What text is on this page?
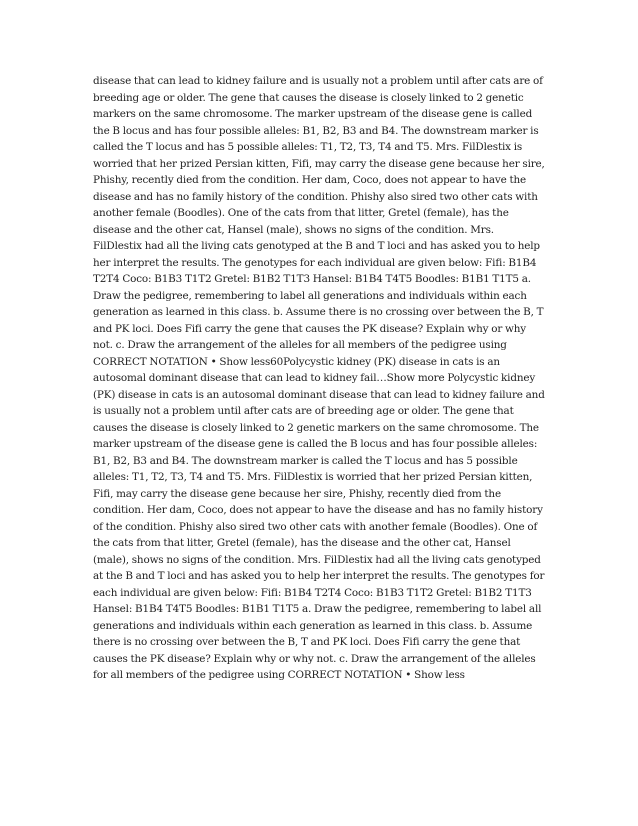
disease that can lead to kidney failure and is usually not a problem until after cats are of breeding age or older. The gene that causes the disease is closely linked to 2 genetic markers on the same chromosome. The marker upstream of the disease gene is called the B locus and has four possible alleles: B1, B2, B3 and B4. The downstream marker is called the T locus and has 5 possible alleles: T1, T2, T3, T4 and T5. Mrs. FilDlestix is worried that her prized Persian kitten, Fifi, may carry the disease gene because her sire, Phishy, recently died from the condition. Her dam, Coco, does not appear to have the disease and has no family history of the condition. Phishy also sired two other cats with another female (Boodles). One of the cats from that litter, Gretel (female), has the disease and the other cat, Hansel (male), shows no signs of the condition. Mrs. FilDlestix had all the living cats genotyped at the B and T loci and has asked you to help her interpret the results. The genotypes for each individual are given below: Fifi: B1B4 T2T4 Coco: B1B3 T1T2 Gretel: B1B2 T1T3 Hansel: B1B4 T4T5 Boodles: B1B1 T1T5 a. Draw the pedigree, remembering to label all generations and individuals within each generation as learned in this class. b. Assume there is no crossing over between the B, T and PK loci. Does Fifi carry the gene that causes the PK disease? Explain why or why not. c. Draw the arrangement of the alleles for all members of the pedigree using CORRECT NOTATION • Show less60Polycystic kidney (PK) disease in cats is an autosomal dominant disease that can lead to kidney fail…Show more Polycystic kidney (PK) disease in cats is an autosomal dominant disease that can lead to kidney failure and is usually not a problem until after cats are of breeding age or older. The gene that causes the disease is closely linked to 2 genetic markers on the same chromosome. The marker upstream of the disease gene is called the B locus and has four possible alleles: B1, B2, B3 and B4. The downstream marker is called the T locus and has 5 possible alleles: T1, T2, T3, T4 and T5. Mrs. FilDlestix is worried that her prized Persian kitten, Fifi, may carry the disease gene because her sire, Phishy, recently died from the condition. Her dam, Coco, does not appear to have the disease and has no family history of the condition. Phishy also sired two other cats with another female (Boodles). One of the cats from that litter, Gretel (female), has the disease and the other cat, Hansel (male), shows no signs of the condition. Mrs. FilDlestix had all the living cats genotyped at the B and T loci and has asked you to help her interpret the results. The genotypes for each individual are given below: Fifi: B1B4 T2T4 Coco: B1B3 T1T2 Gretel: B1B2 T1T3 Hansel: B1B4 T4T5 Boodles: B1B1 T1T5 a. Draw the pedigree, remembering to label all generations and individuals within each generation as learned in this class. b. Assume there is no crossing over between the B, T and PK loci. Does Fifi carry the gene that causes the PK disease? Explain why or why not. c. Draw the arrangement of the alleles for all members of the pedigree using CORRECT NOTATION • Show less
